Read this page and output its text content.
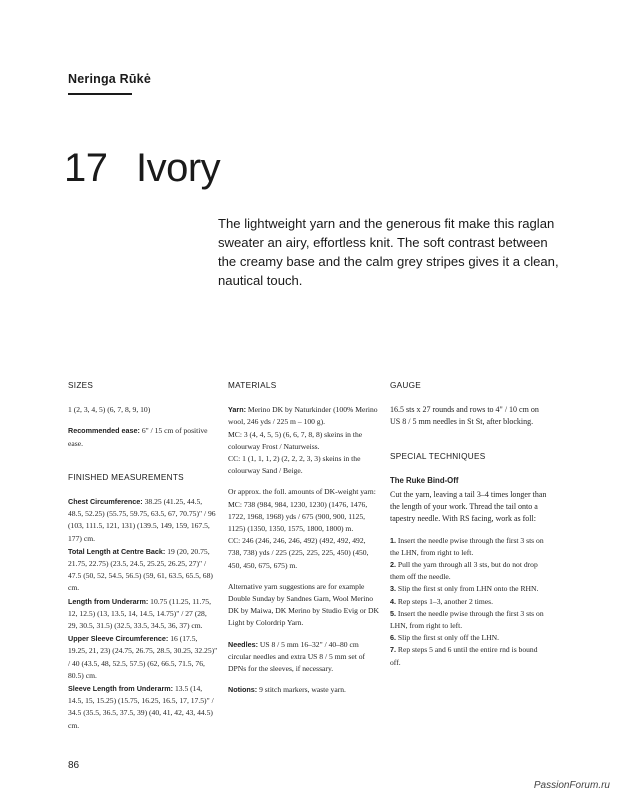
Neringa Rūkė
17 Ivory
The lightweight yarn and the generous fit make this raglan sweater an airy, effortless knit. The soft contrast between the creamy base and the calm grey stripes gives it a clean, nautical touch.
SIZES

1 (2, 3, 4, 5) (6, 7, 8, 9, 10)

Recommended ease: 6" / 15 cm of positive ease.

FINISHED MEASUREMENTS

Chest Circumference: 38.25 (41.25, 44.5, 48.5, 52.25) (55.75, 59.75, 63.5, 67, 70.75)" / 96 (103, 111.5, 121, 131) (139.5, 149, 159, 167.5, 177) cm.

Total Length at Centre Back: 19 (20, 20.75, 21.75, 22.75) (23.5, 24.5, 25.25, 26.25, 27)" / 47.5 (50, 52, 54.5, 56.5) (59, 61, 63.5, 65.5, 68) cm.

Length from Underarm: 10.75 (11.25, 11.75, 12, 12.5) (13, 13.5, 14, 14.5, 14.75)" / 27 (28, 29, 30.5, 31.5) (32.5, 33.5, 34.5, 36, 37) cm.

Upper Sleeve Circumference: 16 (17.5, 19.25, 21, 23) (24.75, 26.75, 28.5, 30.25, 32.25)" / 40 (43.5, 48, 52.5, 57.5) (62, 66.5, 71.5, 76, 80.5) cm.

Sleeve Length from Underarm: 13.5 (14, 14.5, 15, 15.25) (15.75, 16.25, 16.5, 17, 17.5)" / 34.5 (35.5, 36.5, 37.5, 39) (40, 41, 42, 43, 44.5) cm.

MATERIALS

Yarn: Merino DK by Naturkinder (100% Merino wool, 246 yds / 225 m – 100 g).

MC: 3 (4, 4, 5, 5) (6, 6, 7, 8, 8) skeins in the colourway Frost / Naturweiss.

CC: 1 (1, 1, 1, 2) (2, 2, 2, 3, 3) skeins in the colourway Sand / Beige.

Or approx. the foll. amounts of DK-weight yarn:

MC: 738 (984, 984, 1230, 1230) (1476, 1476, 1722, 1968, 1968) yds / 675 (900, 900, 1125, 1125) (1350, 1350, 1575, 1800, 1800) m.

CC: 246 (246, 246, 246, 492) (492, 492, 492, 738, 738) yds / 225 (225, 225, 225, 450) (450, 450, 450, 675, 675) m.

Alternative yarn suggestions are for example Double Sunday by Sandnes Garn, Wool Merino DK by Maiwa, DK Merino by Studio Evig or DK Light by Colordrip Yarn.

Needles: US 8 / 5 mm 16–32" / 40–80 cm circular needles and extra US 8 / 5 mm set of DPNs for the sleeves, if necessary.

Notions: 9 stitch markers, waste yarn.

GAUGE

16.5 sts x 27 rounds and rows to 4" / 10 cm on US 8 / 5 mm needles in St St, after blocking.

SPECIAL TECHNIQUES
The Ruke Bind-Off

Cut the yarn, leaving a tail 3–4 times longer than the length of your work. Thread the tail onto a tapestry needle. With RS facing, work as foll:

1. Insert the needle pwise through the first 3 sts on the LHN, from right to left.
2. Pull the yarn through all 3 sts, but do not drop them off the needle.
3. Slip the first st only from LHN onto the RHN.
4. Rep steps 1–3, another 2 times.
5. Insert the needle pwise through the first 3 sts on LHN, from right to left.
6. Slip the first st only off the LHN.
7. Rep steps 5 and 6 until the entire rnd is bound off.
86
PassionForum.ru
